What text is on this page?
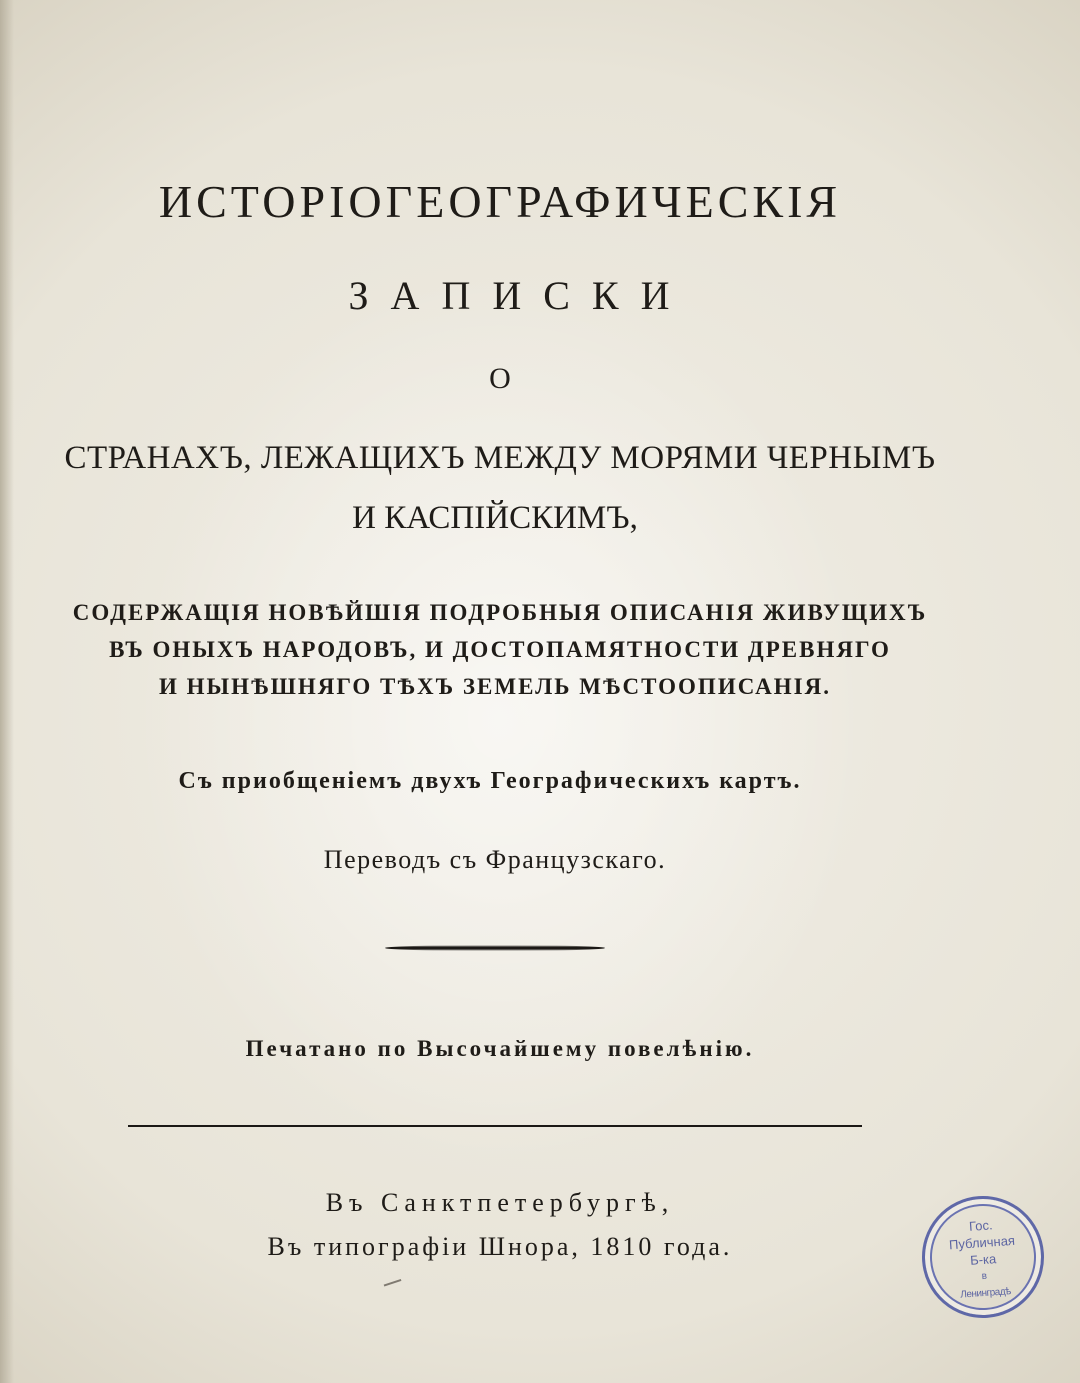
ИСТОРІОГЕОГРАФИЧЕСКІЯ
ЗАПИСКИ
О
СТРАНАХЪ, ЛЕЖАЩИХЪ МЕЖДУ МОРЯМИ ЧЕРНЫМЪ
И КАСПІЙСКИМЪ,
СОДЕРЖАЩІЯ НОВѢЙШІЯ ПОДРОБНЫЯ ОПИСАНІЯ ЖИВУЩИХЪ
ВЪ ОНЫХЪ НАРОДОВЪ, И ДОСТОПАМЯТНОСТИ ДРЕВНЯГО
И НЫНѢШНЯГО ТѢХЪ ЗЕМЕЛЬ МѢСТООПИСАНІЯ.
Съ приобщеніемъ двухъ Географическихъ картъ.
Переводъ съ Французскаго.
Печатано по Высочайшему повелѣнію.
Въ Санктпетербургѣ,
Въ типографіи Шнора, 1810 года.
Гос.
Публичная
Б-ка
в
Ленинградѣ
